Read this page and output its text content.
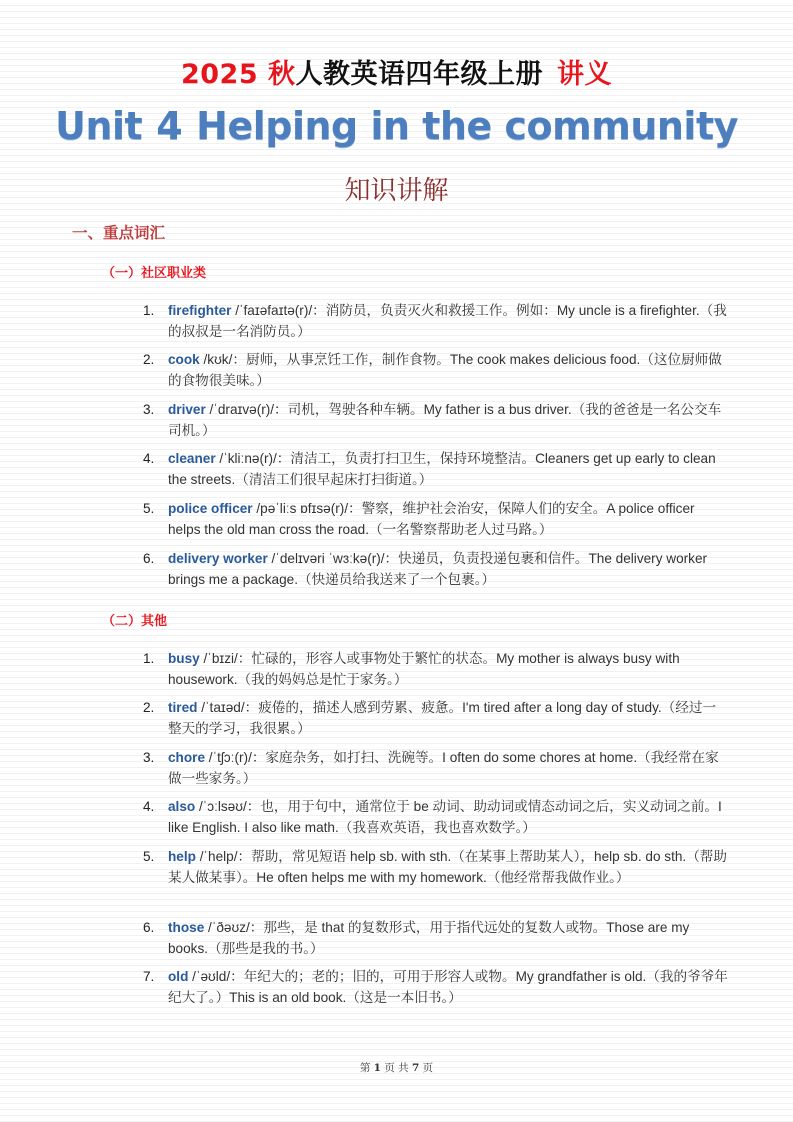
2025 秋人教英语四年级上册 讲义
Unit 4 Helping in the community
知识讲解
一、重点词汇
（一）社区职业类
1.	firefighter /ˈfaɪəfaɪtə(r)/：消防员，负责灭火和救援工作。例如：My uncle is a firefighter.（我的叔叔是一名消防员。）
2.	cook /kʊk/：厨师，从事烹饪工作，制作食物。The cook makes delicious food.（这位厨师做的食物很美味。）
3.	driver /ˈdraɪvə(r)/：司机，驾驶各种车辆。My father is a bus driver.（我的爸爸是一名公交车司机。）
4.	cleaner /ˈkliːnə(r)/：清洁工，负责打扫卫生，保持环境整洁。Cleaners get up early to clean the streets.（清洁工们很早起床打扫街道。）
5.	police officer /pəˈliːs ɒfɪsə(r)/：警察，维护社会治安，保障人们的安全。A police officer helps the old man cross the road.（一名警察帮助老人过马路。）
6.	delivery worker /ˈdelɪvəri ˈwɜːkə(r)/：快递员，负责投递包裹和信件。The delivery worker brings me a package.（快递员给我送来了一个包裹。）
（二）其他
1.	busy /ˈbɪzi/：忙碌的，形容人或事物处于繁忙的状态。My mother is always busy with housework.（我的妈妈总是忙于家务。）
2.	tired /ˈtaɪəd/：疲倦的，描述人感到劳累、疲惫。I'm tired after a long day of study.（经过一整天的学习，我很累。）
3.	chore /ˈtʃɔː(r)/：家庭杂务，如打扫、洗碗等。I often do some chores at home.（我经常在家做一些家务。）
4.	also /ˈɔːlsəʊ/：也，用于句中，通常位于 be 动词、助动词或情态动词之后，实义动词之前。I like English. I also like math.（我喜欢英语，我也喜欢数学。）
5.	help /ˈhelp/：帮助，常见短语 help sb. with sth.（在某事上帮助某人），help sb. do sth.（帮助某人做某事）。He often helps me with my homework.（他经常帮我做作业。）
6.	those /ˈðəʊz/：那些，是 that 的复数形式，用于指代远处的复数人或物。Those are my books.（那些是我的书。）
7.	old /ˈəʊld/：年纪大的；老的；旧的，可用于形容人或物。My grandfather is old.（我的爷爷年纪大了。）This is an old book.（这是一本旧书。）
第 1 页 共 7 页
